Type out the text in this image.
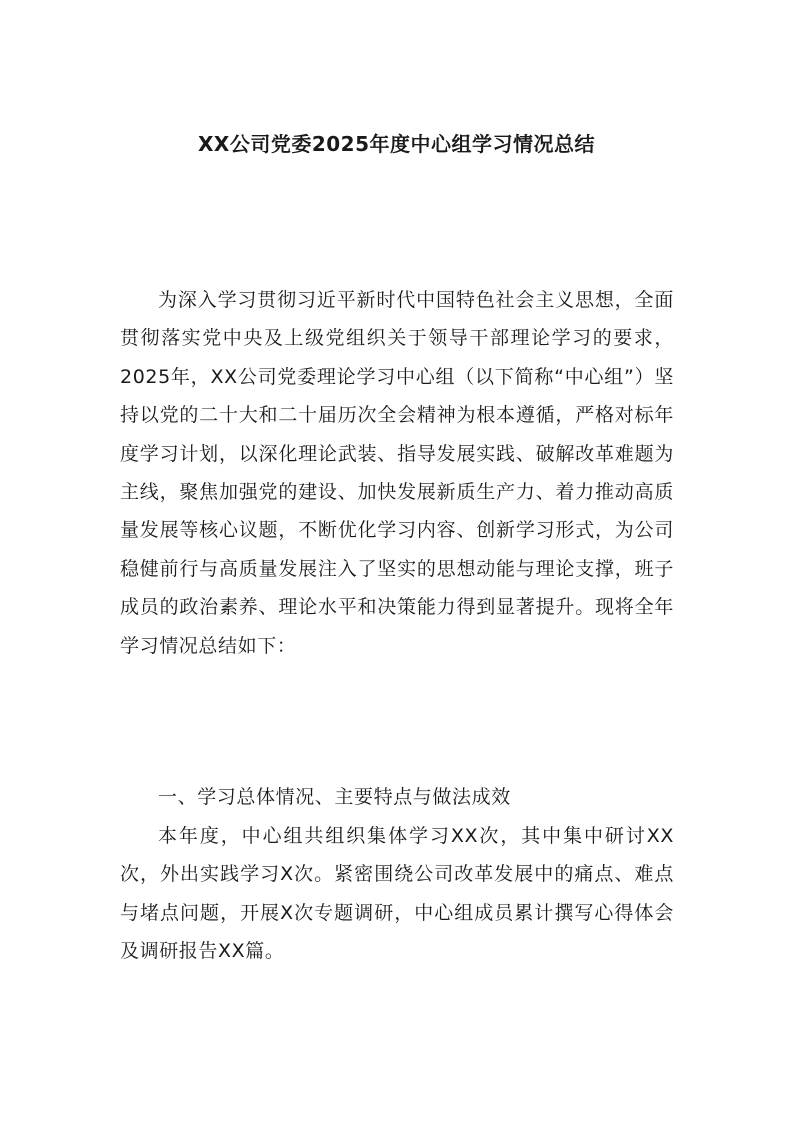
XX公司党委2025年度中心组学习情况总结

为深入学习贯彻习近平新时代中国特色社会主义思想，全面贯彻落实党中央及上级党组织关于领导干部理论学习的要求，2025年，XX公司党委理论学习中心组（以下简称“中心组”）坚持以党的二十大和二十届历次全会精神为根本遵循，严格对标年度学习计划，以深化理论武装、指导发展实践、破解改革难题为主线，聚焦加强党的建设、加快发展新质生产力、着力推动高质量发展等核心议题，不断优化学习内容、创新学习形式，为公司稳健前行与高质量发展注入了坚实的思想动能与理论支撑，班子成员的政治素养、理论水平和决策能力得到显著提升。现将全年学习情况总结如下：

一、学习总体情况、主要特点与做法成效

本年度，中心组共组织集体学习XX次，其中集中研讨XX次，外出实践学习X次。紧密围绕公司改革发展中的痛点、难点与堵点问题，开展X次专题调研，中心组成员累计撰写心得体会及调研报告XX篇。
